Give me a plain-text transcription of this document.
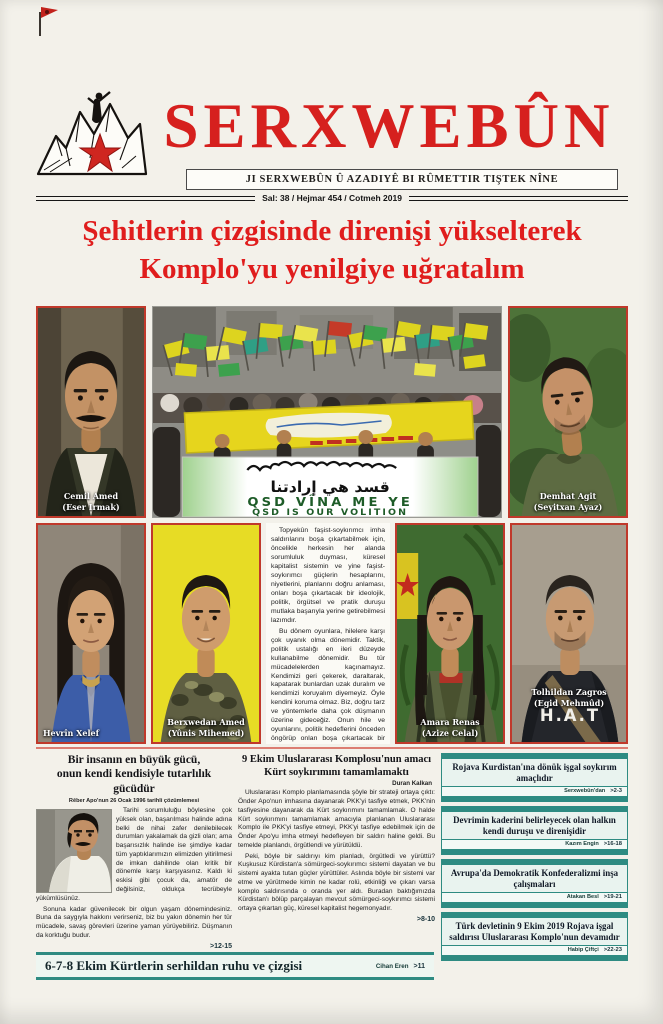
SERXWEBÛN
JI SERXWEBÛN Û AZADIYÊ BI RÛMETTIR TIŞTEK NÎNE
Sal: 38 / Hejmar 454 / Cotmeh 2019
Şehitlerin çizgisinde direnişi yükselterek
Komplo'yu yenilgiye uğratalım
Cemil Amed
(Eser Irmak)
قسد هي إرادتنا
QSD VÎNA ME YE
QSD IS OUR VOLITION
Demhat Agit
(Seyitxan Ayaz)
Hevrîn Xelef
Berxwedan Amed
(Yûnis Mihemed)

Topyekûn faşist-soykırımcı imha saldırılarını boşa çıkartabilmek için, öncelikle herkesin her alanda sorumluluk duyması, küresel kapitalist sistemin ve yine faşist-soykırımcı güçlerin hesaplarını, niyetlerini, planlarını doğru anlaması, onları boşa çıkartacak bir ideolojik, politik, örgütsel ve pratik duruşu mutlaka başarıyla yerine getirebilmesi lazımdır.

Bu dönem oyunlara, hilelere karşı çok uyanık olma dönemidir. Taktik, politik ustalığı en ileri düzeyde kullanabilme dönemidir. Bu tür mücadelelerden kaçınamayız. Kendimizi geri çekerek, daraltarak, kapatarak bunlardan uzak duralım ve kendimizi koruyalım diyemeyiz. Öyle kendini koruma olmaz. Biz, doğru tarz ve yöntemlerle daha çok düşmanın üzerine gideceğiz. Onun hile ve oyunlarını, politik hedeflerini önceden öngörüp onları boşa çıkartacak bir

Amara Renas
(Azize Celal)
H.A.T
Tolhildan Zagros
(Egid Mehmûd)
Bir insanın en büyük gücü,
onun kendi kendisiyle tutarlılık gücüdür
Rêber Apo'nun 26 Ocak 1996 tarihli çözümlemesi

Tarihi sorumluluğu böylesine çok yüksek olan, başarılması halinde adına belki de nihai zafer denilebilecek durumları yakalamak da gizli olan; ama başarısızlık halinde ise şimdiye kadar tüm yaptıklarımızın elimizden yitirilmesi de imkan dahilinde olan kritik bir dönemle karşı karşıyasınız. Kaldı ki eskisi gibi çocuk da, amatör de değilsiniz, oldukça tecrübeyle yükümlüsünüz.

Sonuna kadar güvenilecek bir olgun yaşam dönemindesiniz. Buna da saygıyla hakkını verirseniz, biz bu yakın dönemin her tür mücadele, savaş görevleri üzerine yaman yürüyebiliriz. Düşmanın da korktuğu budur.

>12-15
9 Ekim Uluslararası Komplosu'nun amacı
Kürt soykırımını tamamlamaktı
Duran Kalkan

Uluslararası Komplo planlamasında şöyle bir strateji ortaya çıktı: Önder Apo'nun imhasına dayanarak PKK'yi tasfiye etmek, PKK'nin tasfiyesine dayanarak da Kürt soykırımını tamamlamak. O halde Kürt soykırımını tamamlamak amacıyla planlanan Uluslararası Komplo ile PKK'yi tasfiye etmeyi, PKK'yi tasfiye edebilmek için de Önder Apo'yu imha etmeyi hedefleyen bir saldırı haline geldi. Bu temelde planlandı, örgütlendi ve yürütüldü.

Peki, böyle bir saldırıyı kim planladı, örgütledi ve yürüttü? Kuşkusuz Kürdistan'a sömürgeci-soykırımcı sistemi dayatan ve bu sistemi ayakta tutan güçler yürüttüler. Aslında böyle bir sistemi var etme ve yürütmede kimin ne kadar rolü, etkinliği ve çıkarı varsa komplo saldırısında o oranda yer aldı. Buradan baktığımızda Kürdistan'ı bölüp parçalayan mevcut sömürgeci-soykırımcı sistemi ortaya çıkartan güç, küresel kapitalist hegemonyadır.

>8-10
Rojava Kurdistan'ına dönük işgal soykırım amaçlıdır
Serxwebûn'dan >2-3
Devrimin kaderini belirleyecek olan halkın kendi duruşu ve direnişidir
Kazım Engin >16-18
Avrupa'da Demokratik Konfederalizmi inşa çalışmaları
Atakan Besî >19-21
Türk devletinin 9 Ekim 2019 Rojava işgal saldırısı Uluslararası Komplo'nun devamıdır
Habip Çiftçi >22-23
6-7-8 Ekim Kürtlerin serhildan ruhu ve çizgisi	Cihan Eren >11
